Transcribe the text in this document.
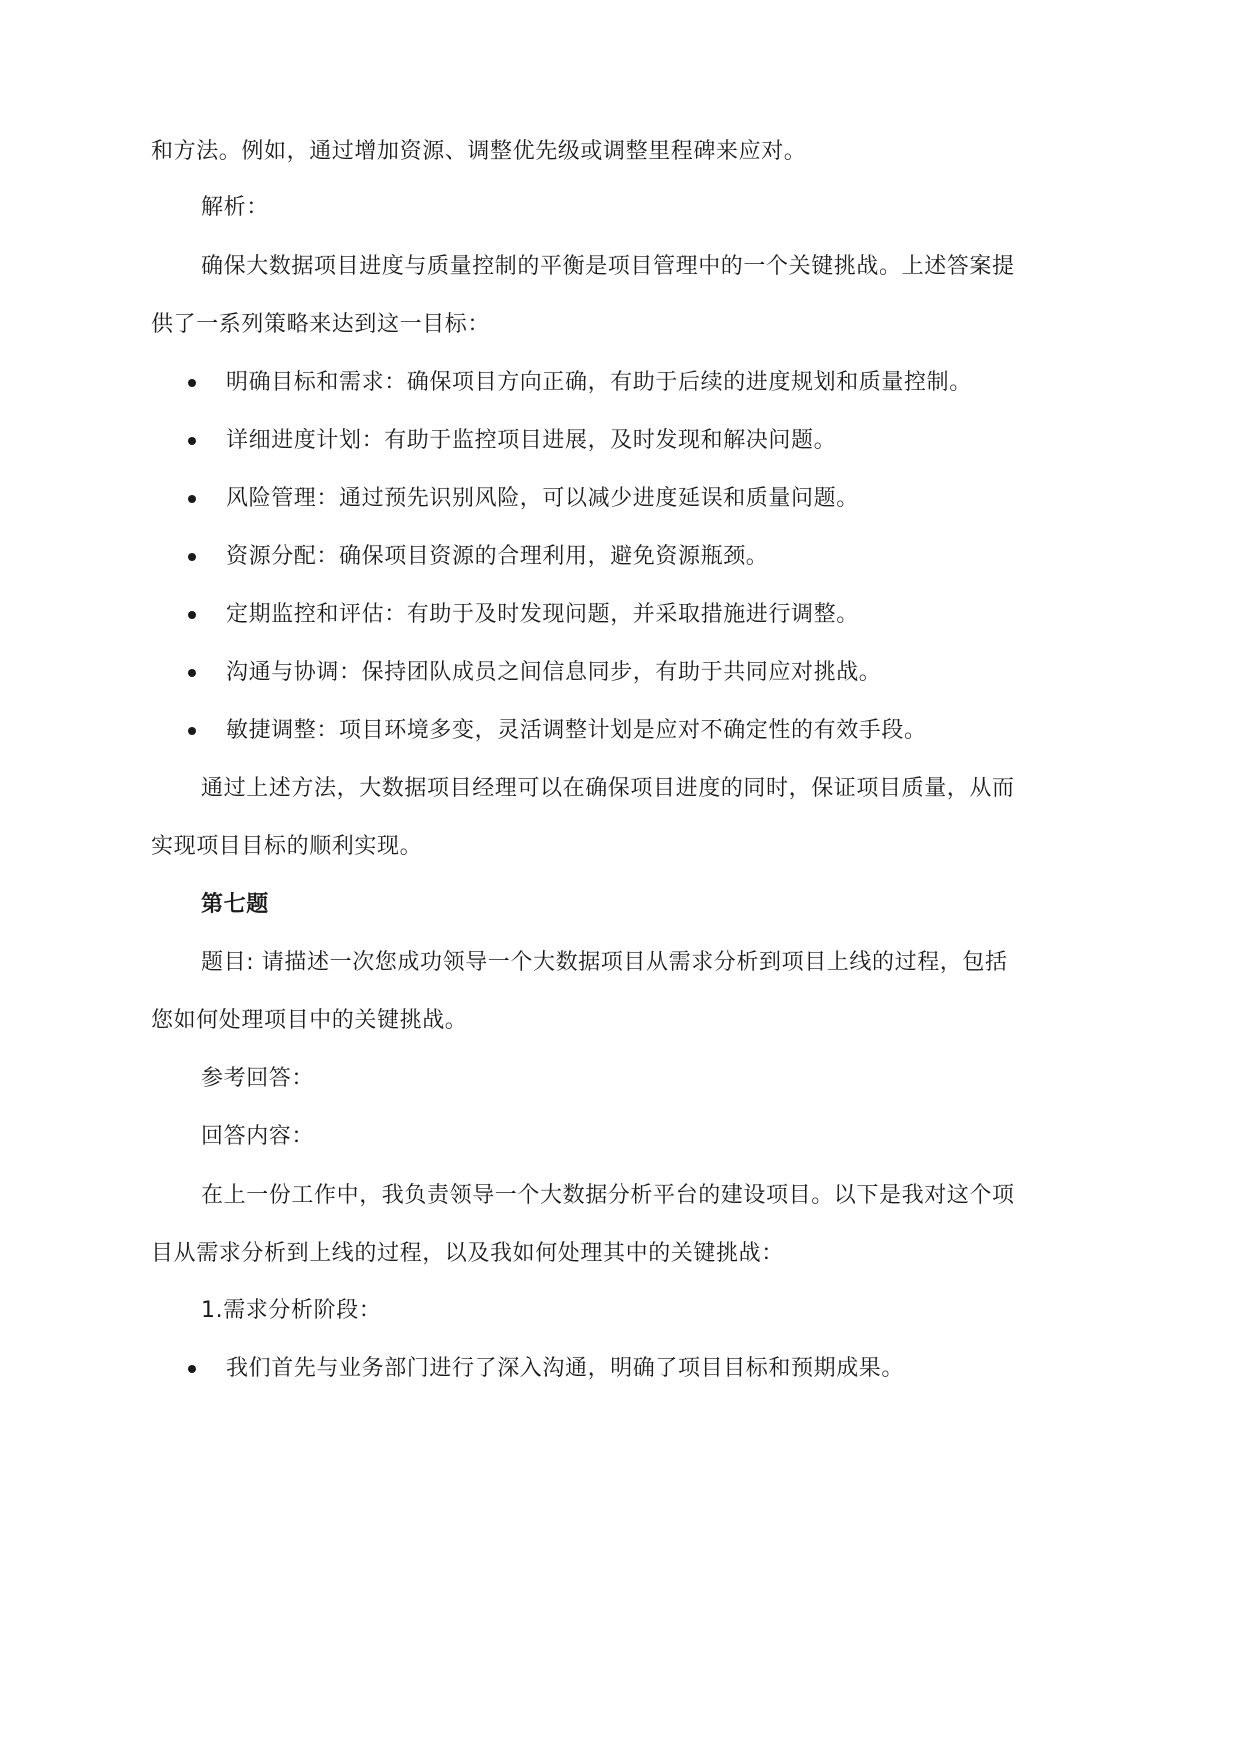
和方法。例如，通过增加资源、调整优先级或调整里程碑来应对。
解析：
确保大数据项目进度与质量控制的平衡是项目管理中的一个关键挑战。上述答案提
供了一系列策略来达到这一目标：
明确目标和需求：确保项目方向正确，有助于后续的进度规划和质量控制。
详细进度计划：有助于监控项目进展，及时发现和解决问题。
风险管理：通过预先识别风险，可以减少进度延误和质量问题。
资源分配：确保项目资源的合理利用，避免资源瓶颈。
定期监控和评估：有助于及时发现问题，并采取措施进行调整。
沟通与协调：保持团队成员之间信息同步，有助于共同应对挑战。
敏捷调整：项目环境多变，灵活调整计划是应对不确定性的有效手段。
通过上述方法，大数据项目经理可以在确保项目进度的同时，保证项目质量，从而
实现项目目标的顺利实现。
第七题
题目: 请描述一次您成功领导一个大数据项目从需求分析到项目上线的过程，包括
您如何处理项目中的关键挑战。
参考回答：
回答内容：
在上一份工作中，我负责领导一个大数据分析平台的建设项目。以下是我对这个项
目从需求分析到上线的过程，以及我如何处理其中的关键挑战：
1.需求分析阶段：
我们首先与业务部门进行了深入沟通，明确了项目目标和预期成果。
